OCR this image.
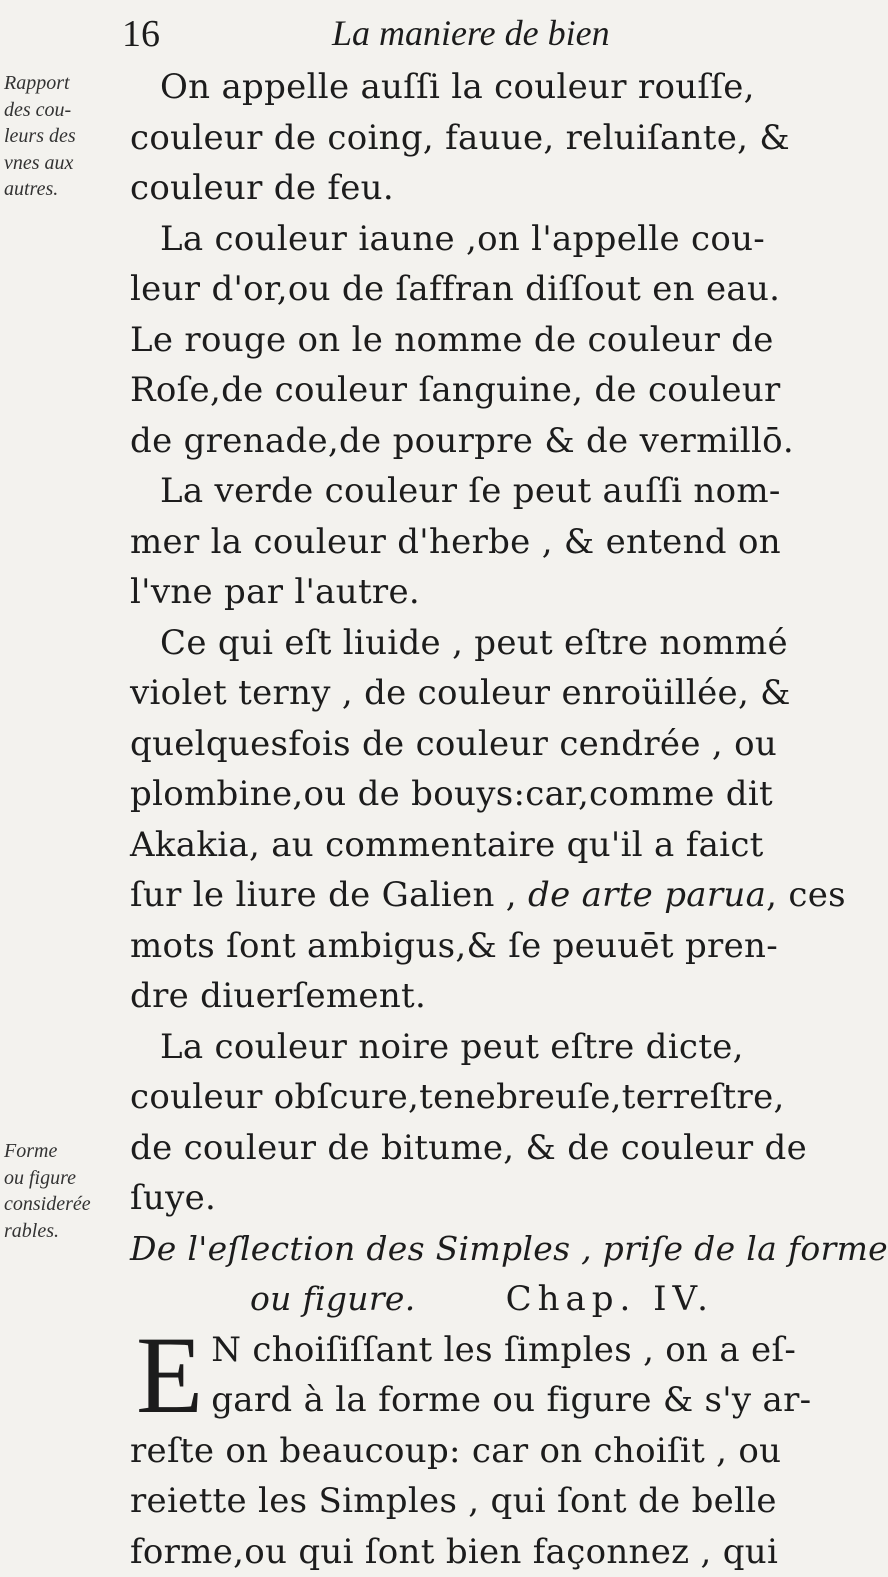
16	La maniere de bien
Rapport
des cou-
leurs des
vnes aux
autres.
Forme
ou figure
considerée
rables.
On appelle auſſi la couleur rouſſe,
couleur de coing, fauue, reluiſante, &
couleur de feu.
La couleur iaune ,on l'appelle cou-
leur d'or,ou de ſaffran diſſout en eau.
Le rouge on le nomme de couleur de
Roſe,de couleur ſanguine, de couleur
de grenade,de pourpre & de vermillō.
La verde couleur ſe peut auſſi nom-
mer la couleur d'herbe , & entend on
l'vne par l'autre.
Ce qui eſt liuide , peut eſtre nommé
violet terny , de couleur enroüillée, &
quelquesfois de couleur cendrée , ou
plombine,ou de bouys:car,comme dit
Akakia, au commentaire qu'il a faict
ſur le liure de Galien , de arte parua, ces
mots ſont ambigus,& ſe peuuēt pren-
dre diuerſement.
La couleur noire peut eſtre dicte,
couleur obſcure,tenebreuſe,terreſtre,
de couleur de bitume, & de couleur de
ſuye.
De l'eſlection des Simples , priſe de la forme
ou figure.	Chap. IV.
E N choiſiſſant les ſimples , on a eſ-
gard à la forme ou figure & s'y ar-
reſte on beaucoup: car on choiſit , ou
reiette les Simples , qui ſont de belle
forme,ou qui ſont bien façonnez , qui
